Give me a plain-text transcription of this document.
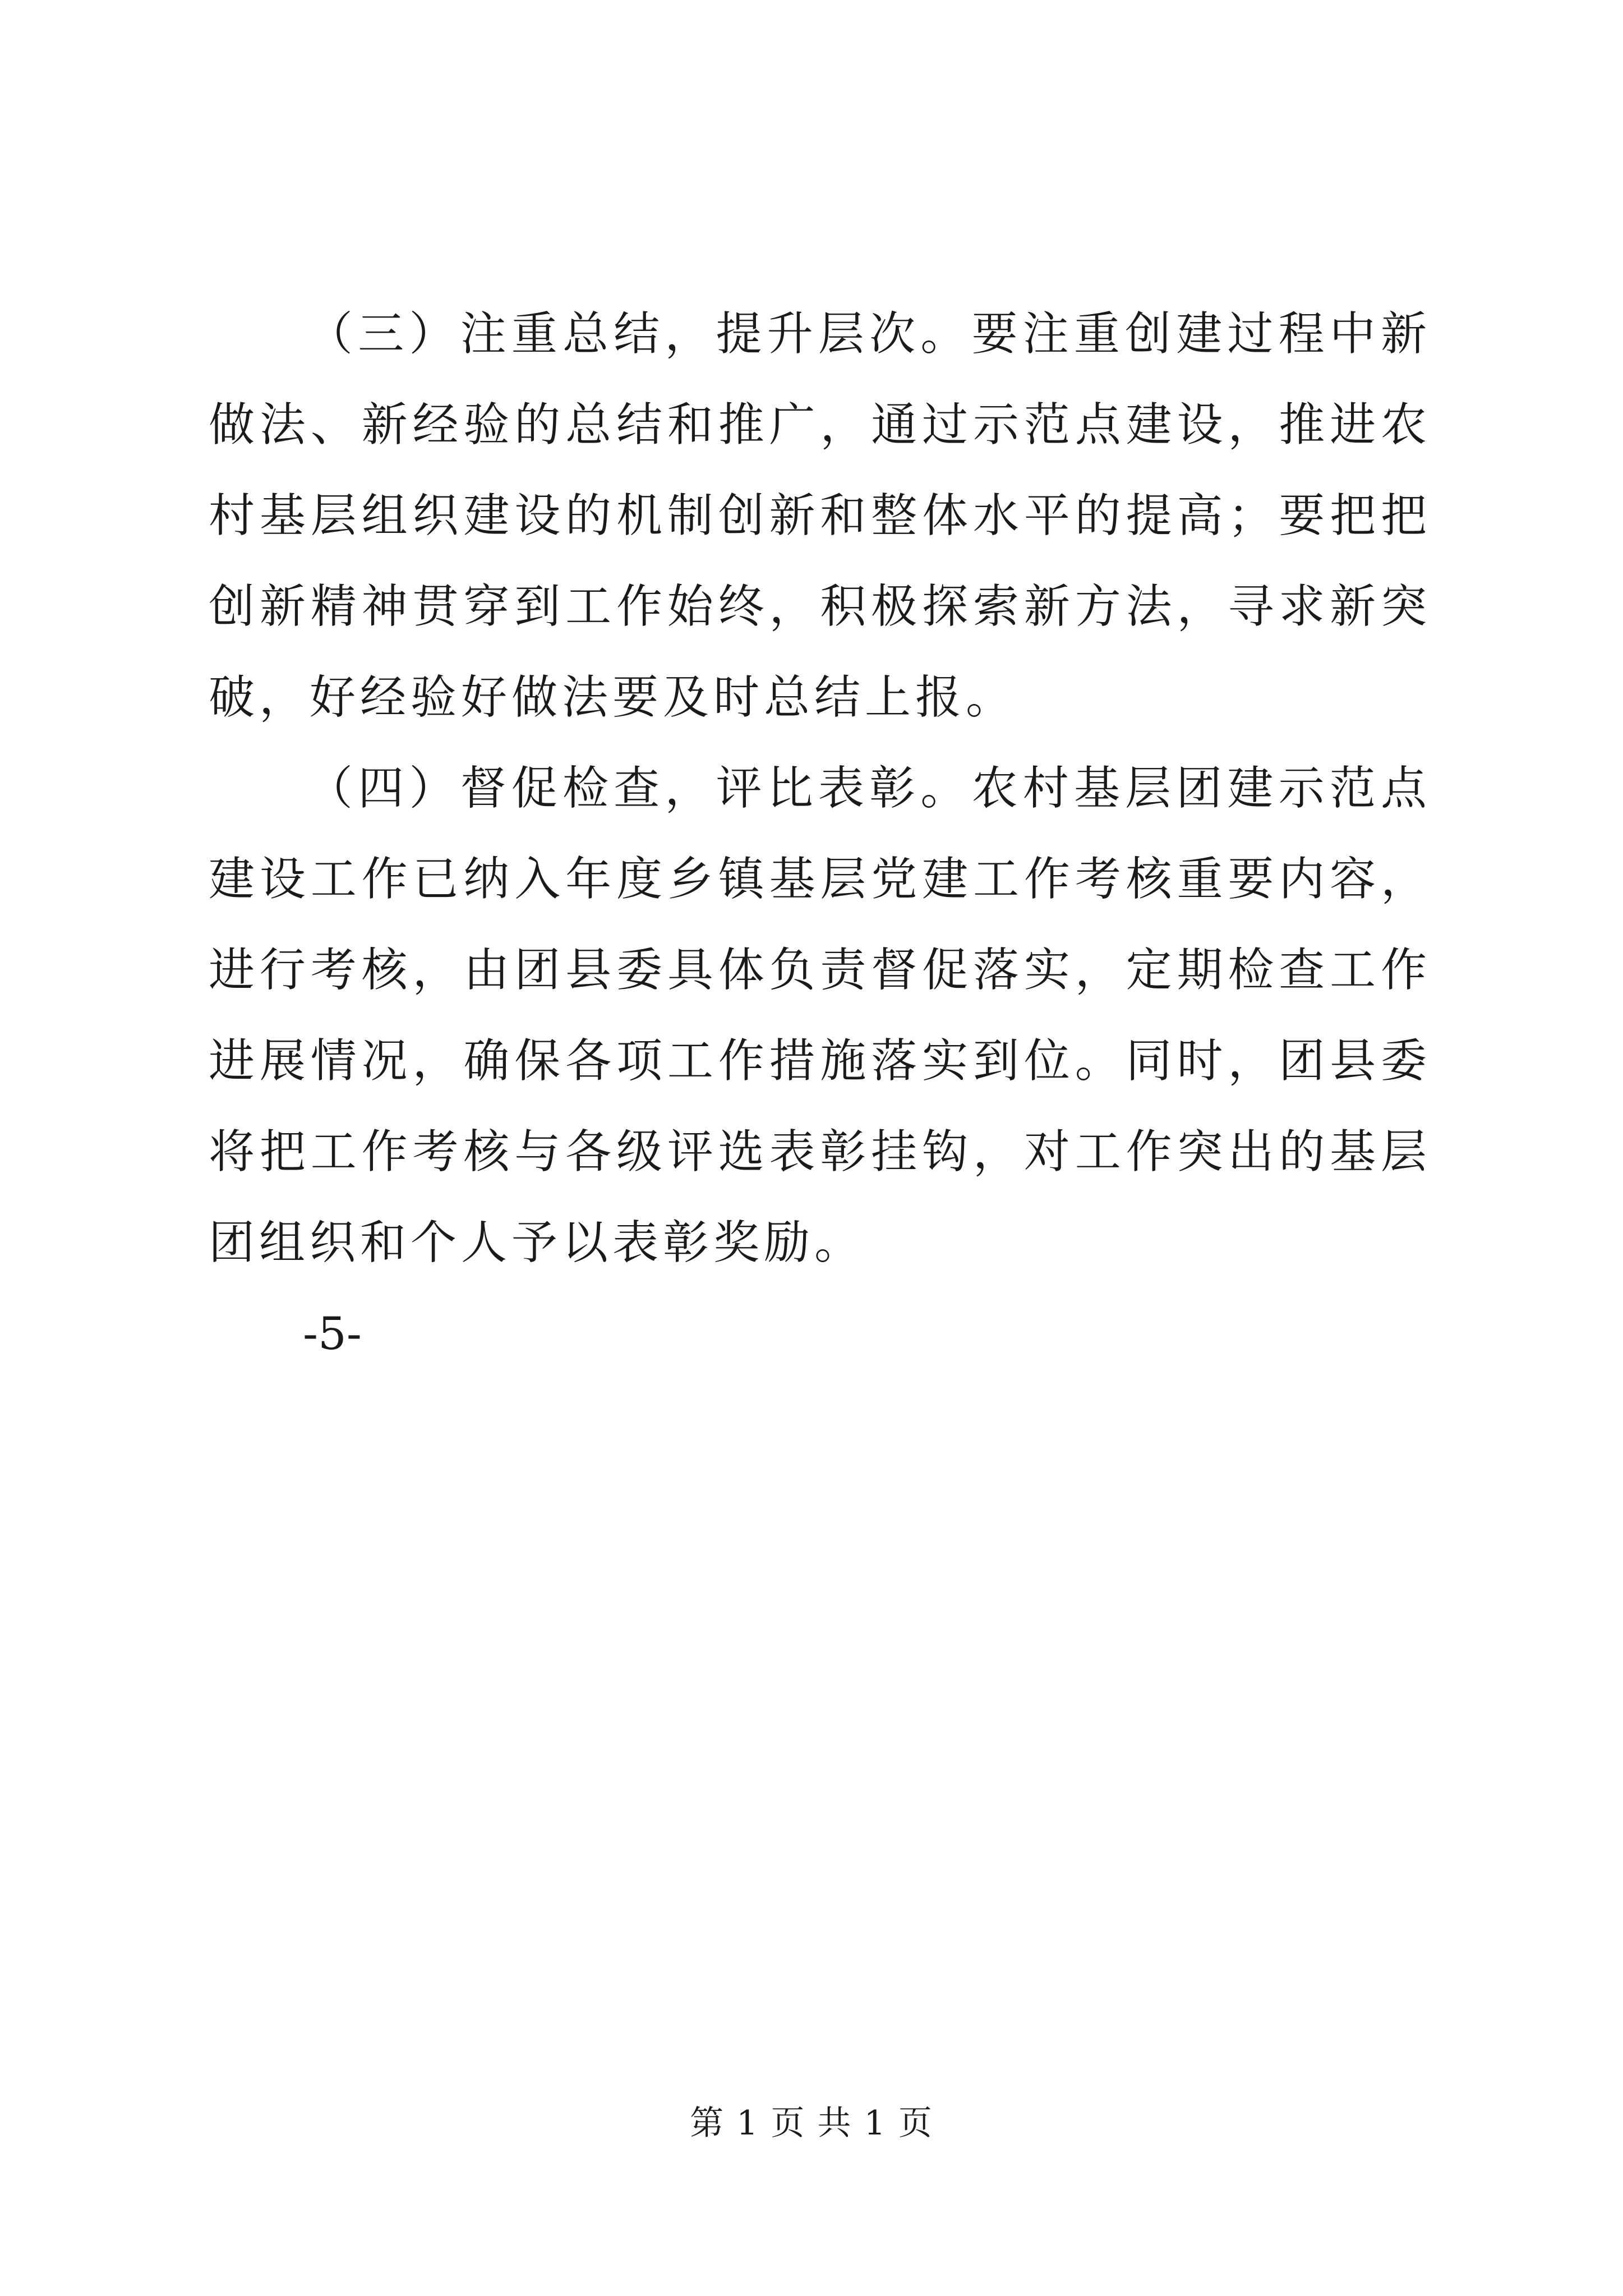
（三）注重总结，提升层次。要注重创建过程中新做法、新经验的总结和推广，通过示范点建设，推进农村基层组织建设的机制创新和整体水平的提高；要把把创新精神贯穿到工作始终，积极探索新方法，寻求新突破，好经验好做法要及时总结上报。

（四）督促检查，评比表彰。农村基层团建示范点建设工作已纳入年度乡镇基层党建工作考核重要内容，进行考核，由团县委具体负责督促落实，定期检查工作进展情况，确保各项工作措施落实到位。同时，团县委将把工作考核与各级评选表彰挂钩，对工作突出的基层团组织和个人予以表彰奖励。

-5-

第 1 页 共 1 页
